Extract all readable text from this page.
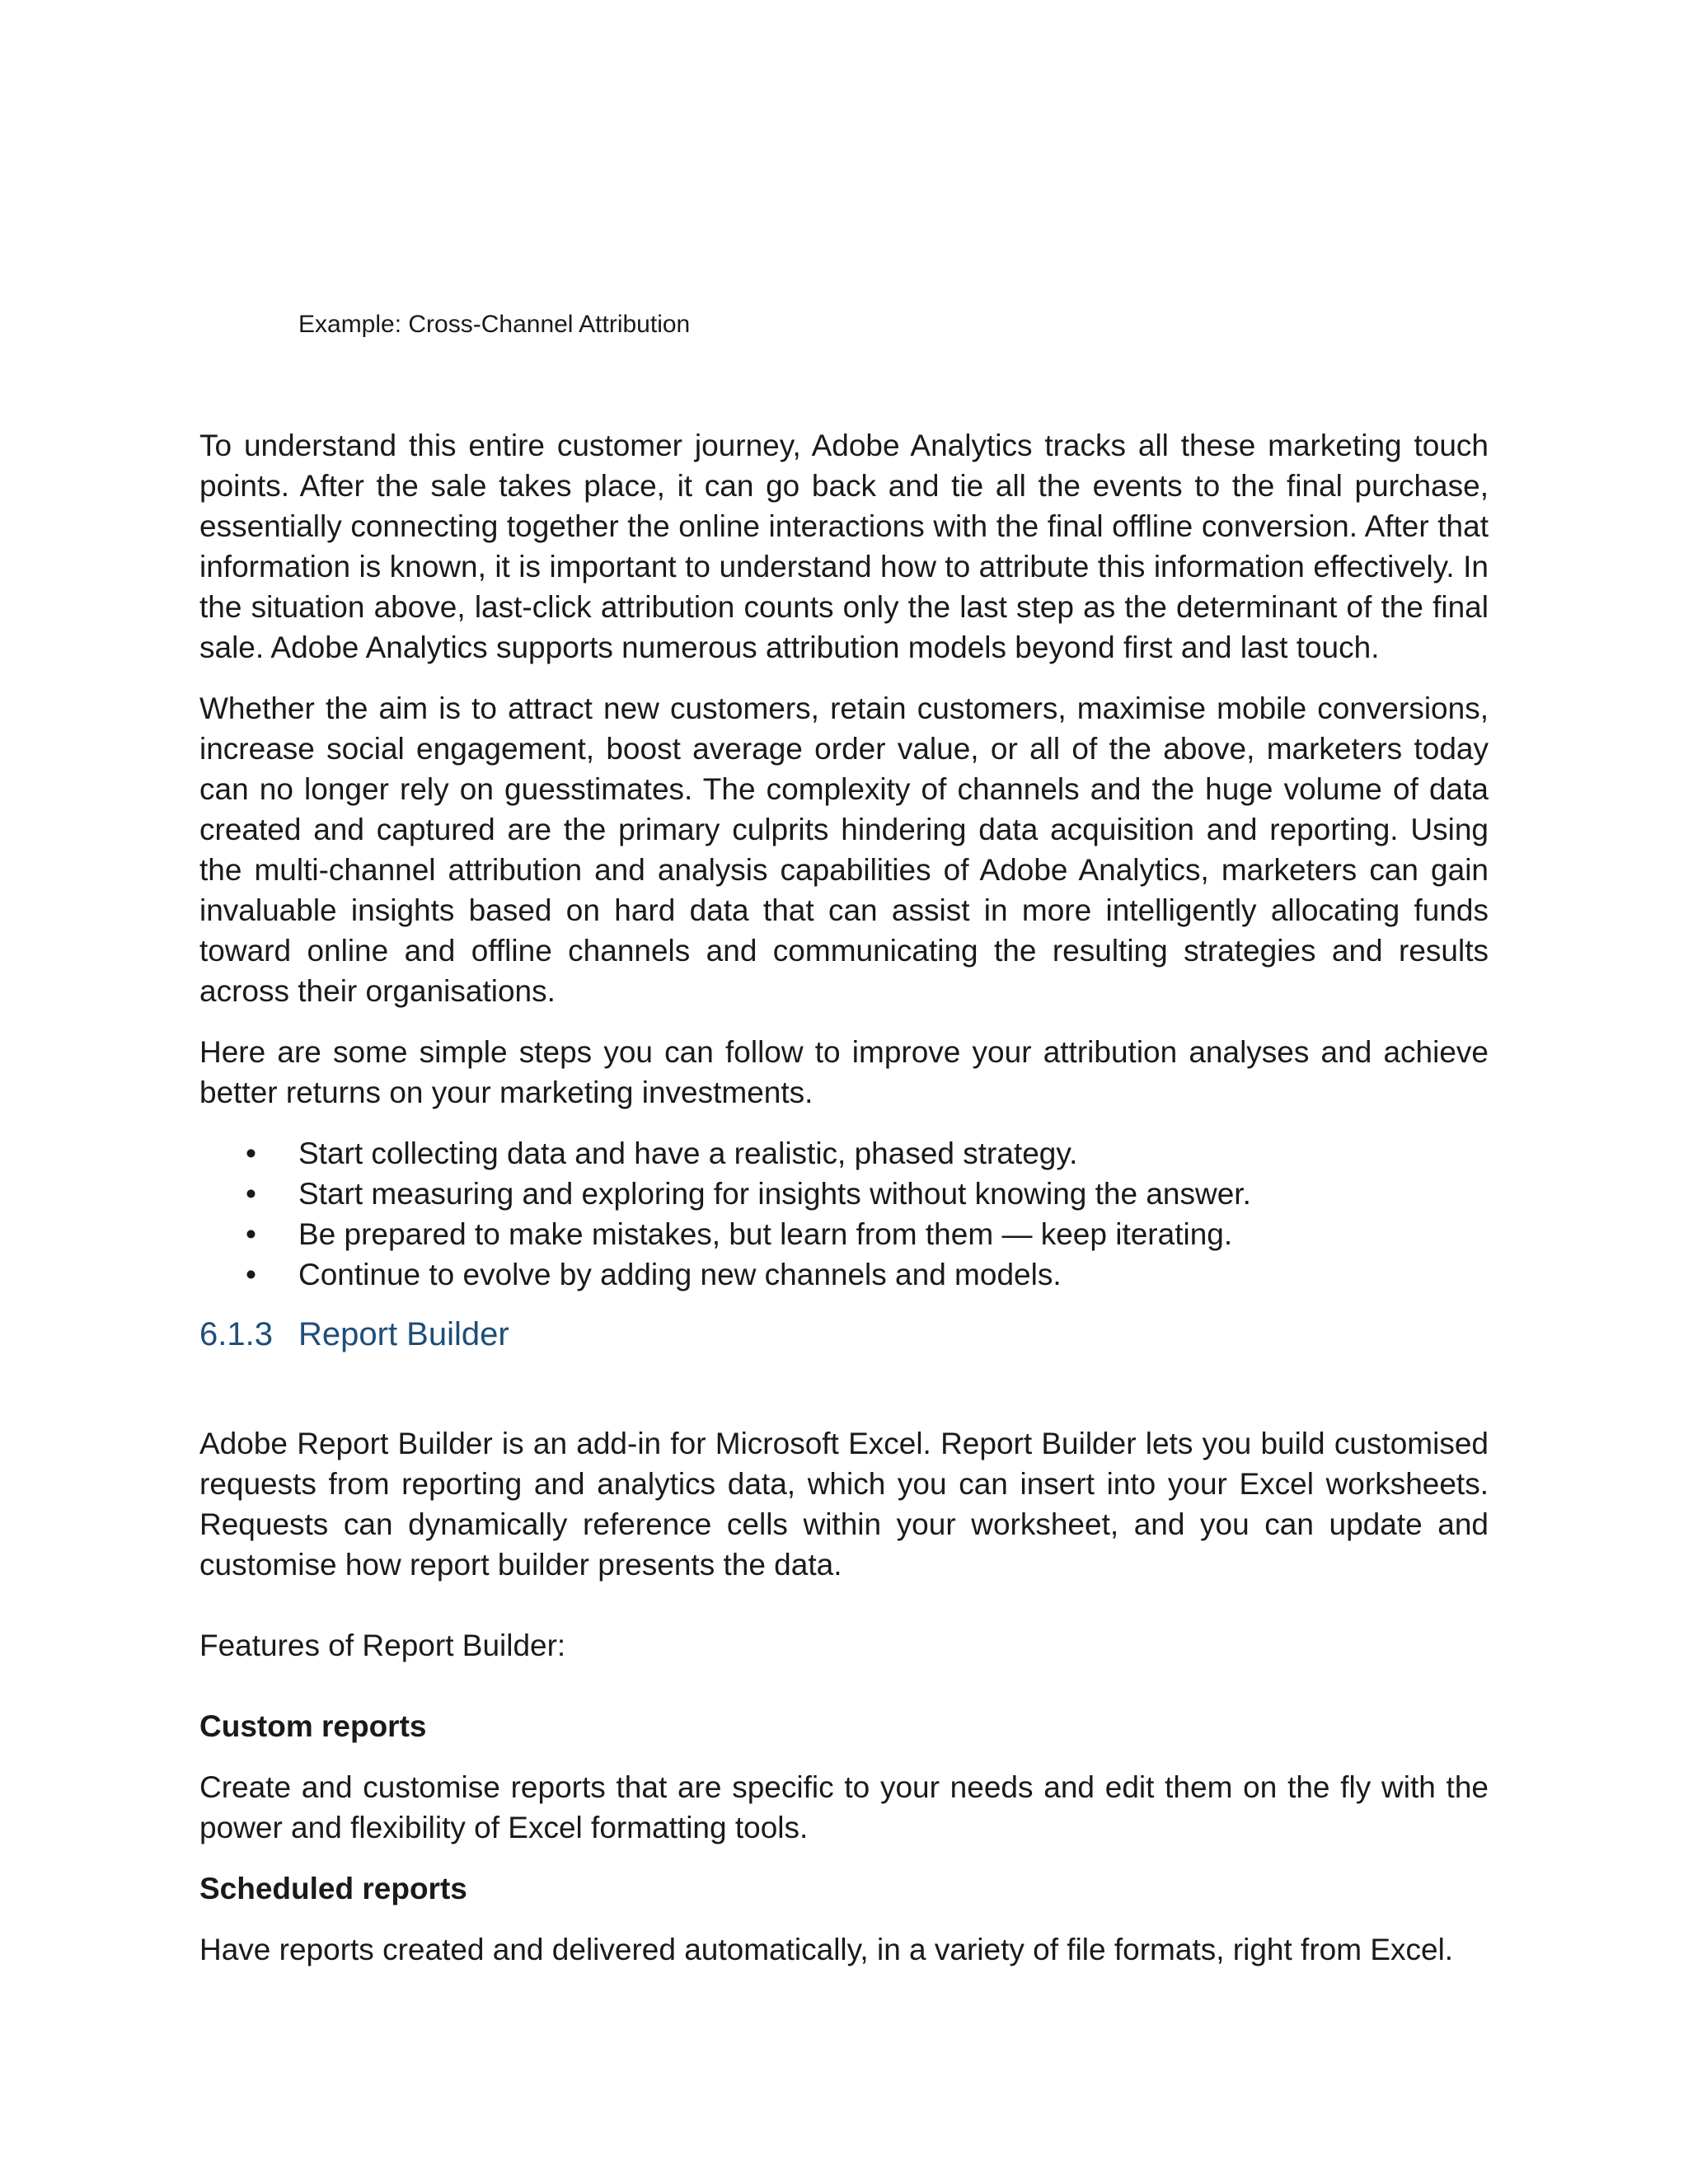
Example: Cross-Channel Attribution

To understand this entire customer journey, Adobe Analytics tracks all these marketing touch points. After the sale takes place, it can go back and tie all the events to the final purchase, essentially connecting together the online interactions with the final offline conversion. After that information is known, it is important to understand how to attribute this information effectively. In the situation above, last-click attribution counts only the last step as the determinant of the final sale. Adobe Analytics supports numerous attribution models beyond first and last touch.

Whether the aim is to attract new customers, retain customers, maximise mobile conversions, increase social engagement, boost average order value, or all of the above, marketers today can no longer rely on guesstimates. The complexity of channels and the huge volume of data created and captured are the primary culprits hindering data acquisition and reporting. Using the multi-channel attribution and analysis capabilities of Adobe Analytics, marketers can gain invaluable insights based on hard data that can assist in more intelligently allocating funds toward online and offline channels and communicating the resulting strategies and results across their organisations.

Here are some simple steps you can follow to improve your attribution analyses and achieve better returns on your marketing investments.

• Start collecting data and have a realistic, phased strategy.
• Start measuring and exploring for insights without knowing the answer.
• Be prepared to make mistakes, but learn from them — keep iterating.
• Continue to evolve by adding new channels and models.
6.1.3 Report Builder

Adobe Report Builder is an add-in for Microsoft Excel. Report Builder lets you build customised requests from reporting and analytics data, which you can insert into your Excel worksheets. Requests can dynamically reference cells within your worksheet, and you can update and customise how report builder presents the data.

Features of Report Builder:

Custom reports

Create and customise reports that are specific to your needs and edit them on the fly with the power and flexibility of Excel formatting tools.

Scheduled reports

Have reports created and delivered automatically, in a variety of file formats, right from Excel.
